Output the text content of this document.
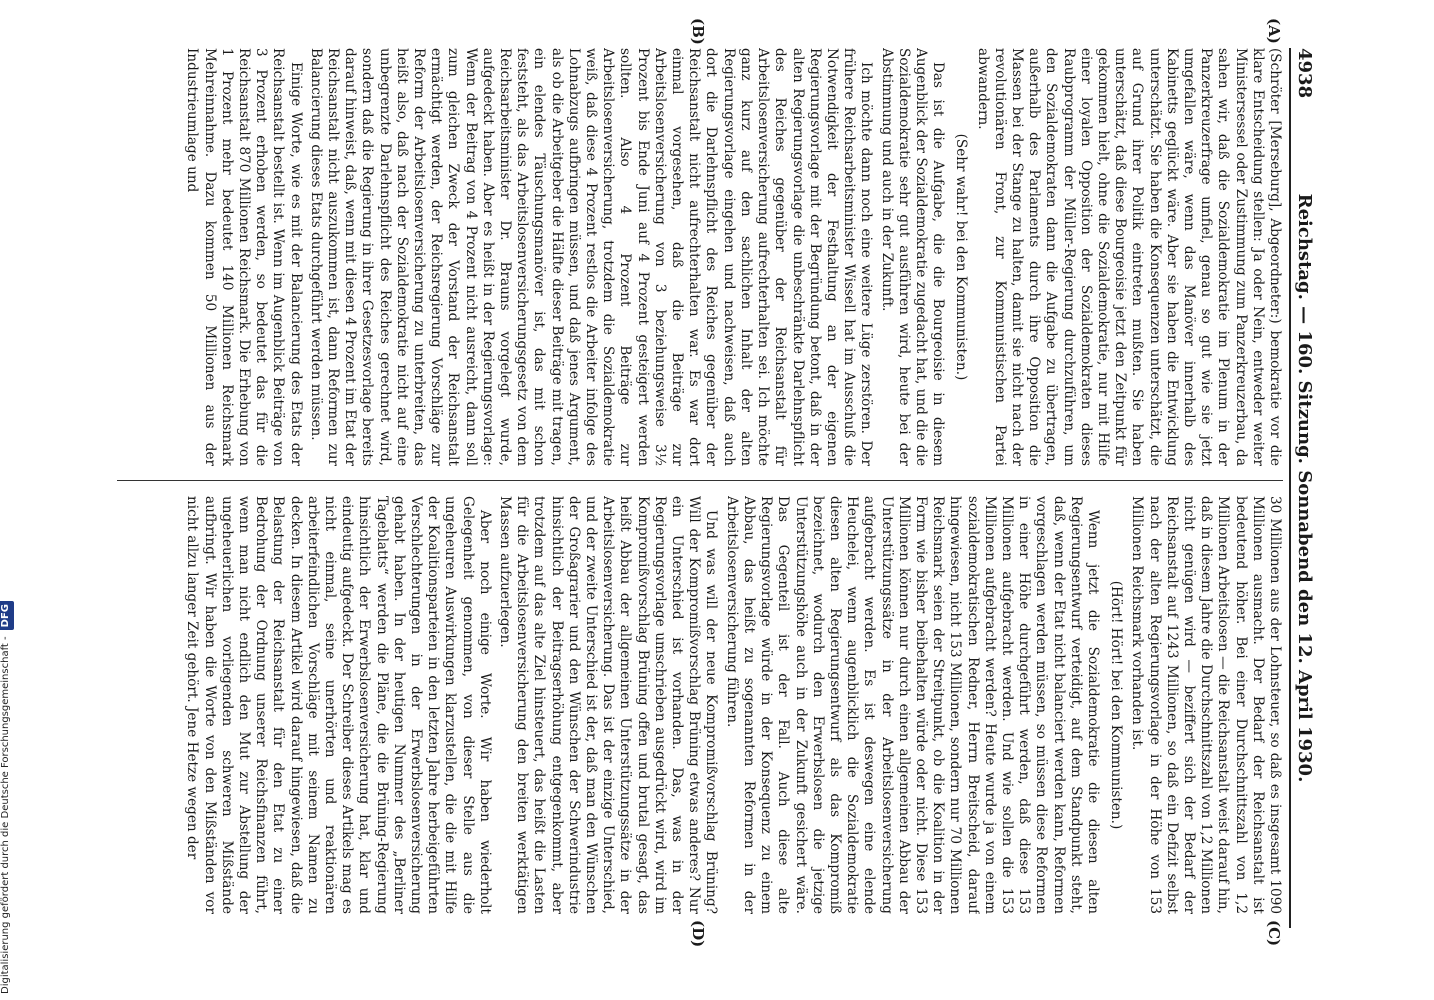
4938
Reichstag. — 160. Sitzung. Sonnabend den 12. April 1930.
(A)
(B)
(C)
(D)

(Schröter [Merseburg], Abgeordneter:) bemokratie vor die klare Entscheidung stellen: Ja oder Nein, entweder weiter Ministersessel oder Zustimmung zum Panzerkreuzerbau, da sahen wir, daß die Sozialdemokratie im Plenum in der Panzerkreuzerfrage umfiel, genau so gut wie sie jetzt umgefallen wäre, wenn das Manöver innerhalb des Kabinetts geglückt wäre. Aber sie haben die Entwicklung unterschätzt. Sie haben die Konsequenzen unterschätzt, die auf Grund ihrer Politik eintreten mußten. Sie haben unterschätzt, daß diese Bourgeoisie jetzt den Zeitpunkt für gekommen hielt, ohne die Sozialdemokratie, nur mit Hilfe einer loyalen Opposition der Sozialdemokraten dieses Raubprogramm der Müller-Regierung durchzuführen, um den Sozialdemokraten dann die Aufgabe zu übertragen, außerhalb des Parlaments durch ihre Opposition die Massen bei der Stange zu halten, damit sie nicht nach der revolutionären Front, zur Kommunistischen Partei abwandern.

(Sehr wahr! bei den Kommunisten.)

Das ist die Aufgabe, die die Bourgeoisie in diesem Augenblick der Sozialdemokratie zugedacht hat, und die die Sozialdemokratie sehr gut ausführen wird, heute bei der Abstimmung und auch in der Zukunft.

Ich möchte dann noch eine weitere Lüge zerstören. Der frühere Reichsarbeitsminister Wissell hat im Ausschuß die Notwendigkeit der Festhaltung an der eigenen Regierungsvorlage mit der Begründung betont, daß in der alten Regierungsvorlage die unbeschränkte Darlehnspflicht des Reiches gegenüber der Reichsanstalt für Arbeitslosenversicherung aufrechterhalten sei. Ich möchte ganz kurz auf den sachlichen Inhalt der alten Regierungsvorlage eingehen und nachweisen, daß auch dort die Darlehnspflicht des Reiches gegenüber der Reichsanstalt nicht aufrechterhalten war. Es war dort einmal vorgesehen, daß die Beiträge zur Arbeitslosenversicherung von 3 beziehungsweise 3½ Prozent bis Ende Juni auf 4 Prozent gesteigert werden sollten. Also 4 Prozent Beiträge zur Arbeitslosenversicherung, trotzdem die Sozialdemokratie weiß, daß diese 4 Prozent restlos die Arbeiter infolge des Lohnabzugs aufbringen müssen, und daß jenes Argument, als ob die Arbeitgeber die Hälfte dieser Beiträge mit tragen, ein elendes Täuschungsmanöver ist, das mit schon feststeht, als das Arbeitslosenversicherungsgesetz von dem Reichsarbeitsminister Dr. Brauns vorgelegt wurde, aufgedeckt haben. Aber es heißt in der Regierungsvorlage: Wenn der Beitrag von 4 Prozent nicht ausreicht, dann soll zum gleichen Zweck der Vorstand der Reichsanstalt ermächtigt werden, der Reichsregierung Vorschläge zur Reform der Arbeitslosenversicherung zu unterbreiten, das heißt also, daß nach der Sozialdemokratie nicht auf eine unbegrenzte Darlehnspflicht des Reiches gerechnet wird, sondern daß die Regierung in ihrer Gesetzesvorlage bereits darauf hinweist, daß, wenn mit diesen 4 Prozent im Etat der Reichsanstalt nicht auszukommen ist, dann Reformen zur Balancierung dieses Etats durchgeführt werden müssen.

Einige Worte, wie es mit der Balancierung des Etats der Reichsanstalt bestellt ist. Wenn im Augenblick Beiträge von 3 Prozent erhoben werden, so bedeutet das für die Reichsanstalt 870 Millionen Reichsmark. Die Erhebung von 1 Prozent mehr bedeutet 140 Millionen Reichsmark Mehreinnahme. Dazu kommen 50 Millionen aus der Industrieumlage und

30 Millionen aus der Lohnsteuer, so daß es insgesamt 1090 Millionen ausmacht. Der Bedarf der Reichsanstalt ist bedeutend höher. Bei einer Durchschnittszahl von 1,2 Millionen Arbeitslosen — die Reichsanstalt weist darauf hin, daß in diesem Jahre die Durchschnittszahl von 1,2 Millionen nicht genügen wird — beziffert sich der Bedarf der Reichsanstalt auf 1243 Millionen, so daß ein Defizit selbst nach der alten Regierungsvorlage in der Höhe von 153 Millionen Reichsmark vorhanden ist.

(Hört! Hört! bei den Kommunisten.)

Wenn jetzt die Sozialdemokratie die diesen alten Regierungsentwurf verteidigt, auf dem Standpunkt steht, daß, wenn der Etat nicht balanciert werden kann, Reformen vorgeschlagen werden müssen, so müssen diese Reformen in einer Höhe durchgeführt werden, daß diese 153 Millionen aufgebracht werden. Und wie sollen die 153 Millionen aufgebracht werden? Heute wurde ja von einem sozialdemokratischen Redner, Herrn Breitscheid, darauf hingewiesen, nicht 153 Millionen, sondern nur 70 Millionen Reichsmark seien der Streitpunkt, ob die Koalition in der Form wie bisher beibehalten würde oder nicht. Diese 153 Millionen können nur durch einen allgemeinen Abbau der Unterstützungssätze in der Arbeitslosenversicherung aufgebracht werden. Es ist deswegen eine elende Heuchelei, wenn augenblicklich die Sozialdemokratie diesen alten Regierungsentwurf als das Kompromiß bezeichnet, wodurch den Erwerbslosen die jetzige Unterstützungshöhe auch in der Zukunft gesichert wäre. Das Gegenteil ist der Fall. Auch diese alte Regierungsvorlage würde in der Konsequenz zu einem Abbau, das heißt zu sogenannten Reformen in der Arbeitslosenversicherung führen.

Und was will der neue Kompromißvorschlag Brüning? Will der Kompromißvorschlag Brüning etwas anderes? Nur ein Unterschied ist vorhanden. Das, was in der Regierungsvorlage umschrieben ausgedrückt wird, wird im Kompromißvorschlag Brüning offen und brutal gesagt, das heißt Abbau der allgemeinen Unterstützungssätze in der Arbeitslosenversicherung. Das ist der einzige Unterschied, und der zweite Unterschied ist der, daß man den Wünschen der Großagrarier und den Wünschen der Schwerindustrie hinsichtlich der Beitragserhöhung entgegenkommt, aber trotzdem auf das alte Ziel hinsteuert, das heißt die Lasten für die Arbeitslosenversicherung den breiten werktätigen Massen aufzuerlegen.

Aber noch einige Worte. Wir haben wiederholt Gelegenheit genommen, von dieser Stelle aus die ungeheuren Auswirkungen klarzustellen, die die mit Hilfe der Koalitionsparteien in den letzten Jahre herbeigeführten Verschlechterungen in der Erwerbslosenversicherung gehabt haben. In der heutigen Nummer des „Berliner Tageblatts“ werden die Pläne, die die Brüning-Regierung hinsichtlich der Erwerbslosenversicherung hat, klar und eindeutig aufgedeckt. Der Schreiber dieses Artikels mag es nicht einmal, seine unerhörten und reaktionären arbeiterfeindlichen Vorschläge mit seinem Namen zu decken. In diesem Artikel wird darauf hingewiesen, daß die Belastung der Reichsanstalt für den Etat zu einer Bedrohung der Ordnung unserer Reichsfinanzen führt, wenn man nicht endlich den Mut zur Abstellung der ungeheuerlichen vorliegenden schweren Mißstände aufbringt. Wir haben die Worte von den Mißständen vor nicht allzu langer Zeit gehört. Jene Hetze wegen der

Digitalisierung gefördert durch die Deutsche Forschungsgemeinschaft -DFG
